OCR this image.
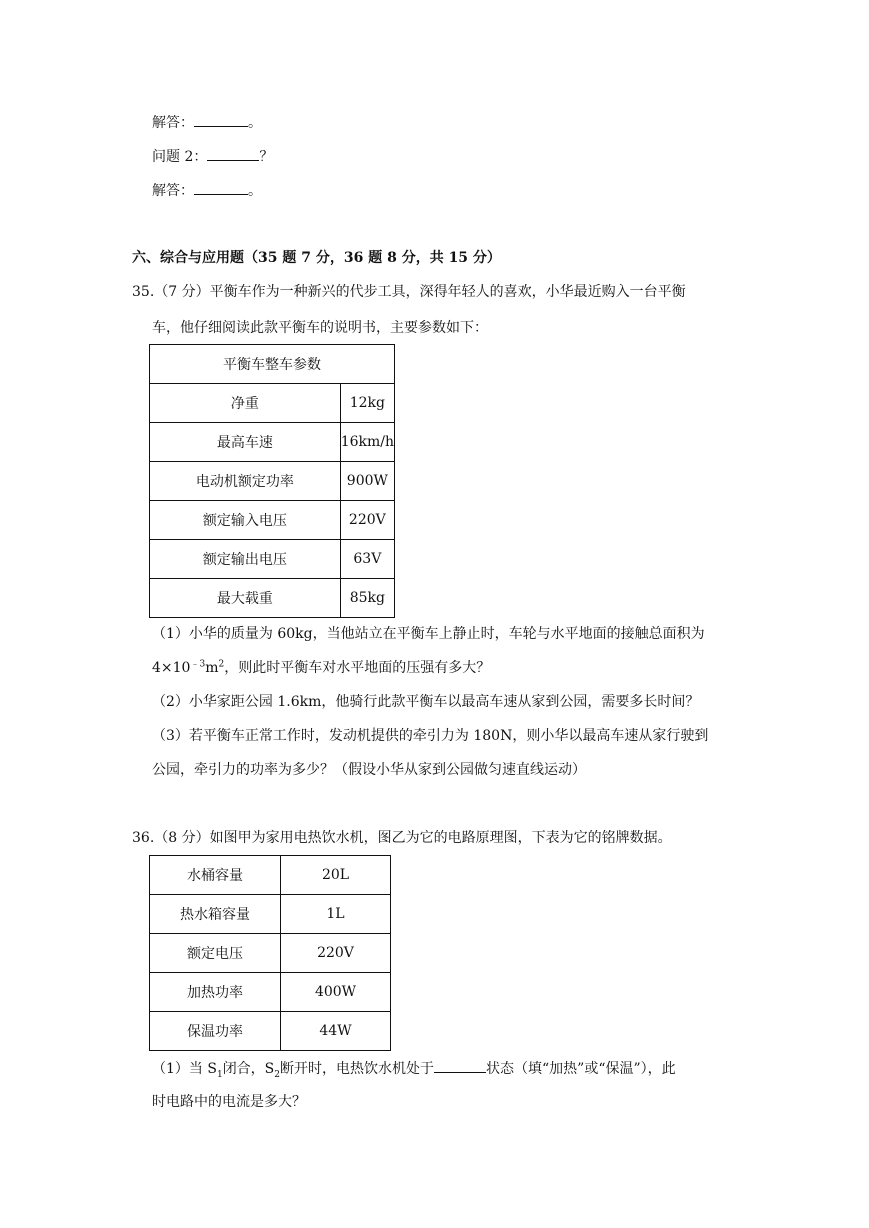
解答：	。
问题 2：	？
解答：	。
六、综合与应用题（35 题 7 分，36 题 8 分，共 15 分）
35.（7 分）平衡车作为一种新兴的代步工具，深得年轻人的喜欢，小华最近购入一台平衡
车，他仔细阅读此款平衡车的说明书，主要参数如下：
平衡车整车参数	
净重	12kg
最高车速	16km/h
电动机额定功率	900W
额定输入电压	220V
额定输出电压	63V
最大载重	85kg
（1）小华的质量为 60kg，当他站立在平衡车上静止时，车轮与水平地面的接触总面积为
$4\times 10^{﹣3}m^2$，则此时平衡车对水平地面的压强有多大？
（2）小华家距公园 1.6km，他骑行此款平衡车以最高车速从家到公园，需要多长时间？
（3）若平衡车正常工作时，发动机提供的牵引力为 180N，则小华以最高车速从家行驶到
公园，牵引力的功率为多少？（假设小华从家到公园做匀速直线运动）
36.（8 分）如图甲为家用电热饮水机，图乙为它的电路原理图，下表为它的铭牌数据。
水桶容量	20L
热水箱容量	1L
额定电压	220V
加热功率	400W
保温功率	44W
（1）当 $S_1$闭合，$S_2$断开时，电热饮水机处于	状态（填“加热”或“保温”），此
时电路中的电流是多大？
